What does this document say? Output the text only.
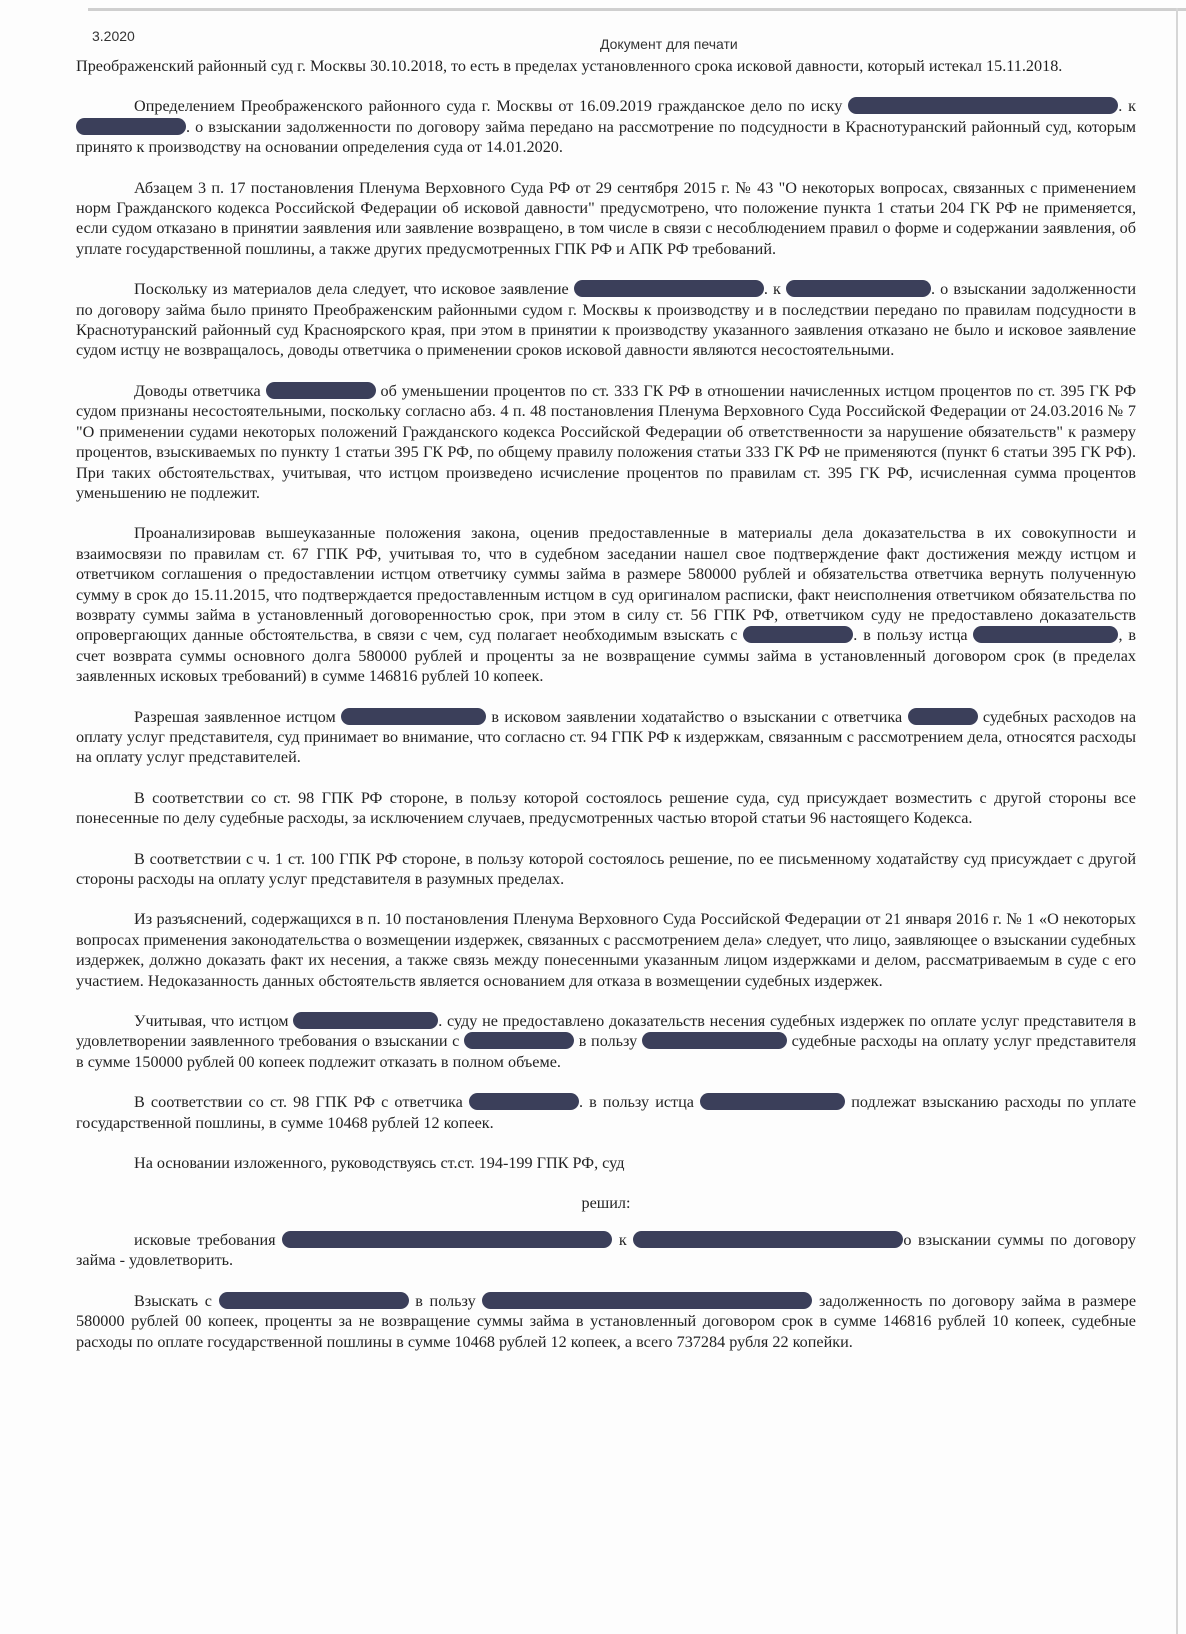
3.2020	Документ для печати

Преображенский районный суд г. Москвы 30.10.2018, то есть в пределах установленного срока исковой давности, который истекал 15.11.2018.

Определением Преображенского районного суда г. Москвы от 16.09.2019 гражданское дело по иску	. к . о взыскании задолженности по договору займа передано на рассмотрение по подсудности в Краснотуранский районный суд, которым принято к производству на основании определения суда от 14.01.2020.

Абзацем 3 п. 17 постановления Пленума Верховного Суда РФ от 29 сентября 2015 г. № 43 "О некоторых вопросах, связанных с применением норм Гражданского кодекса Российской Федерации об исковой давности" предусмотрено, что положение пункта 1 статьи 204 ГК РФ не применяется, если судом отказано в принятии заявления или заявление возвращено, в том числе в связи с несоблюдением правил о форме и содержании заявления, об уплате государственной пошлины, а также других предусмотренных ГПК РФ и АПК РФ требований.

Поскольку из материалов дела следует, что исковое заявление	. к	. о взыскании задолженности по договору займа было принято Преображенским районными судом г. Москвы к производству и в последствии передано по правилам подсудности в Краснотуранский районный суд Красноярского края, при этом в принятии к производству указанного заявления отказано не было и исковое заявление судом истцу не возвращалось, доводы ответчика о применении сроков исковой давности являются несостоятельными.

Доводы ответчика	об уменьшении процентов по ст. 333 ГК РФ в отношении начисленных истцом процентов по ст. 395 ГК РФ судом признаны несостоятельными, поскольку согласно абз. 4 п. 48 постановления Пленума Верховного Суда Российской Федерации от 24.03.2016 № 7 "О применении судами некоторых положений Гражданского кодекса Российской Федерации об ответственности за нарушение обязательств" к размеру процентов, взыскиваемых по пункту 1 статьи 395 ГК РФ, по общему правилу положения статьи 333 ГК РФ не применяются (пункт 6 статьи 395 ГК РФ). При таких обстоятельствах, учитывая, что истцом произведено исчисление процентов по правилам ст. 395 ГК РФ, исчисленная сумма процентов уменьшению не подлежит.

Проанализировав вышеуказанные положения закона, оценив предоставленные в материалы дела доказательства в их совокупности и взаимосвязи по правилам ст. 67 ГПК РФ, учитывая то, что в судебном заседании нашел свое подтверждение факт достижения между истцом и ответчиком соглашения о предоставлении истцом ответчику суммы займа в размере 580000 рублей и обязательства ответчика вернуть полученную сумму в срок до 15.11.2015, что подтверждается предоставленным истцом в суд оригиналом расписки, факт неисполнения ответчиком обязательства по возврату суммы займа в установленный договоренностью срок, при этом в силу ст. 56 ГПК РФ, ответчиком суду не предоставлено доказательств опровергающих данные обстоятельства, в связи с чем, суд полагает необходимым взыскать с	. в пользу истца	, в счет возврата суммы основного долга 580000 рублей и проценты за не возвращение суммы займа в установленный договором срок (в пределах заявленных исковых требований) в сумме 146816 рублей 10 копеек.

Разрешая заявленное истцом	в исковом заявлении ходатайство о взыскании с ответчика	судебных расходов на оплату услуг представителя, суд принимает во внимание, что согласно ст. 94 ГПК РФ к издержкам, связанным с рассмотрением дела, относятся расходы на оплату услуг представителей.

В соответствии со ст. 98 ГПК РФ стороне, в пользу которой состоялось решение суда, суд присуждает возместить с другой стороны все понесенные по делу судебные расходы, за исключением случаев, предусмотренных частью второй статьи 96 настоящего Кодекса.

В соответствии с ч. 1 ст. 100 ГПК РФ стороне, в пользу которой состоялось решение, по ее письменному ходатайству суд присуждает с другой стороны расходы на оплату услуг представителя в разумных пределах.

Из разъяснений, содержащихся в п. 10 постановления Пленума Верховного Суда Российской Федерации от 21 января 2016 г. № 1 «О некоторых вопросах применения законодательства о возмещении издержек, связанных с рассмотрением дела» следует, что лицо, заявляющее о взыскании судебных издержек, должно доказать факт их несения, а также связь между понесенными указанным лицом издержками и делом, рассматриваемым в суде с его участием. Недоказанность данных обстоятельств является основанием для отказа в возмещении судебных издержек.

Учитывая, что истцом	. суду не предоставлено доказательств несения судебных издержек по оплате услуг представителя в удовлетворении заявленного требования о взыскании с	в пользу	судебные расходы на оплату услуг представителя в сумме 150000 рублей 00 копеек подлежит отказать в полном объеме.

В соответствии со ст. 98 ГПК РФ с ответчика	. в пользу истца	подлежат взысканию расходы по уплате государственной пошлины, в сумме 10468 рублей 12 копеек.

На основании изложенного, руководствуясь ст.ст. 194-199 ГПК РФ, суд

решил:

исковые требования	к	о взыскании суммы по договору займа - удовлетворить.

Взыскать с	в пользу	задолженность по договору займа в размере 580000 рублей 00 копеек, проценты за не возвращение суммы займа в установленный договором срок в сумме 146816 рублей 10 копеек, судебные расходы по оплате государственной пошлины в сумме 10468 рублей 12 копеек, а всего 737284 рубля 22 копейки.
